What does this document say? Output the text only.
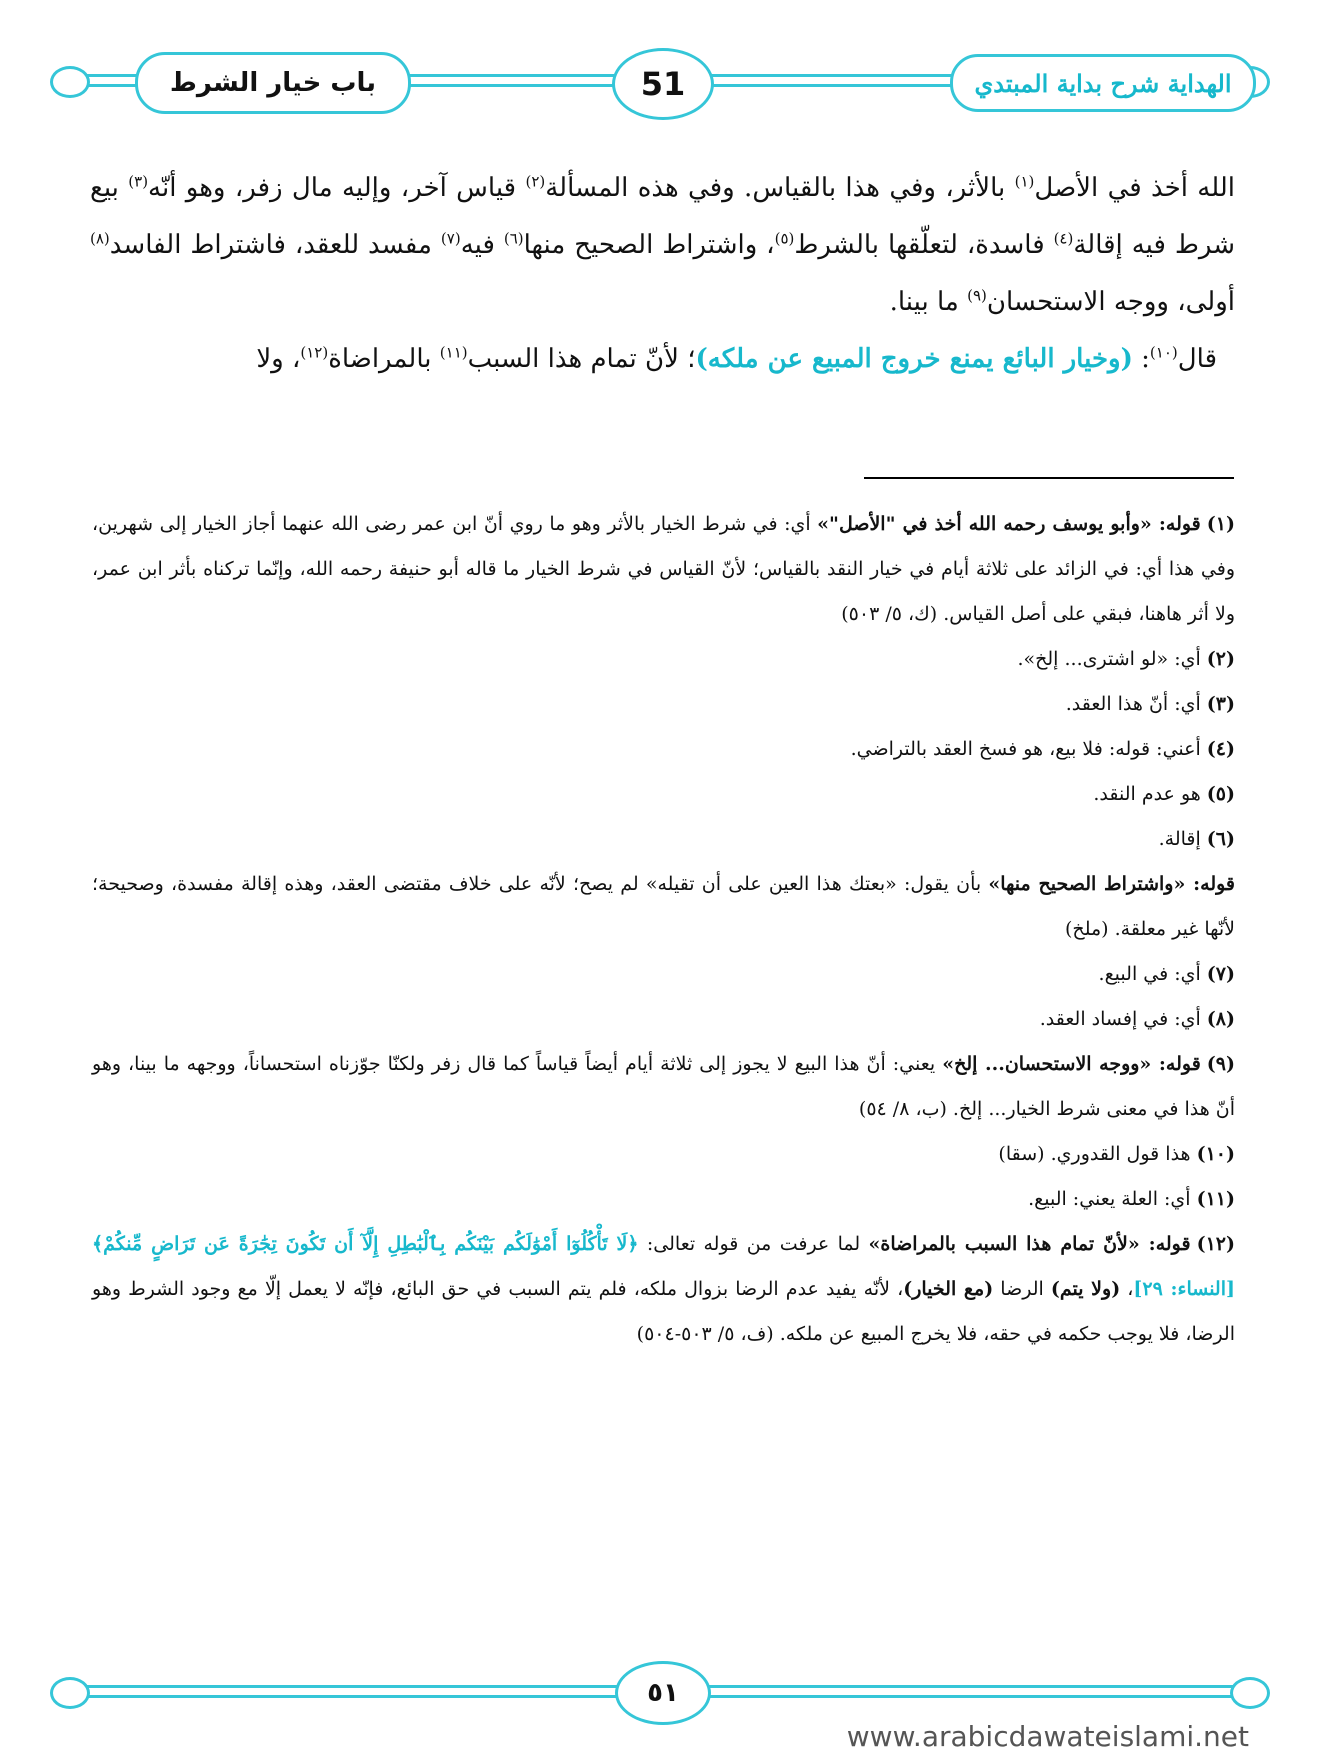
باب خيار الشرط	51	الهداية شرح بداية المبتدي

الله أخذ في الأصل$^{(١)}$ بالأثر، وفي هذا بالقياس. وفي هذه المسألة$^{(٢)}$ قياس آخر، وإليه مال زفر، وهو أنّه$^{(٣)}$ بيع شرط فيه إقالة$^{(٤)}$ فاسدة، لتعلّقها بالشرط$^{(٥)}$، واشتراط الصحيح منها$^{(٦)}$ فيه$^{(٧)}$ مفسد للعقد، فاشتراط الفاسد$^{(٨)}$ أولى، ووجه الاستحسان$^{(٩)}$ ما بينا.

قال$^{(١٠)}$: (وخيار البائع يمنع خروج المبيع عن ملكه)؛ لأنّ تمام هذا السبب$^{(١١)}$ بالمراضاة$^{(١٢)}$، ولا

(١)قوله: «وأبو يوسف رحمه الله أخذ في "الأصل"» أي: في شرط الخيار بالأثر وهو ما روي أنّ ابن عمر رضى الله عنهما أجاز الخيار إلى شهرين، وفي هذا أي: في الزائد على ثلاثة أيام في خيار النقد بالقياس؛ لأنّ القياس في شرط الخيار ما قاله أبو حنيفة رحمه الله، وإنّما تركناه بأثر ابن عمر، ولا أثر هاهنا، فبقي على أصل القياس. (ك، ٥/ ٥٠٣)

(٢)أي: «لو اشترى... إلخ».

(٣)أي: أنّ هذا العقد.

(٤)أعني: قوله: فلا بيع، هو فسخ العقد بالتراضي.

(٥)هو عدم النقد.

(٦)إقالة.

قوله: «واشتراط الصحيح منها» بأن يقول: «بعتك هذا العين على أن تقيله» لم يصح؛ لأنّه على خلاف مقتضى العقد، وهذه إقالة مفسدة، وصحيحة؛ لأنّها غير معلقة. (ملخ)

(٧)أي: في البيع.

(٨)أي: في إفساد العقد.

(٩)قوله: «ووجه الاستحسان... إلخ» يعني: أنّ هذا البيع لا يجوز إلى ثلاثة أيام أيضاً قياساً كما قال زفر ولكنّا جوّزناه استحساناً، ووجهه ما بينا، وهو أنّ هذا في معنى شرط الخيار... إلخ. (ب، ٨/ ٥٤)

(١٠)هذا قول القدوري. (سقا)

(١١)أي: العلة يعني: البيع.

(١٢)قوله: «لأنّ تمام هذا السبب بالمراضاة» لما عرفت من قوله تعالى: ﴿لَا تَأْكُلُوٓا أَمْوَٰلَكُم بَيْنَكُم بِٱلْبَٰطِلِ إِلَّآ أَن تَكُونَ تِجَٰرَةً عَن تَرَاضٍ مِّنكُمْ﴾ [النساء: ٢٩]، (ولا يتم) الرضا (مع الخيار)، لأنّه يفيد عدم الرضا بزوال ملكه، فلم يتم السبب في حق البائع، فإنّه لا يعمل إلّا مع وجود الشرط وهو الرضا، فلا يوجب حكمه في حقه، فلا يخرج المبيع عن ملكه. (ف، ٥/ ٥٠٣-٥٠٤)

٥١
www.arabicdawateislami.net
